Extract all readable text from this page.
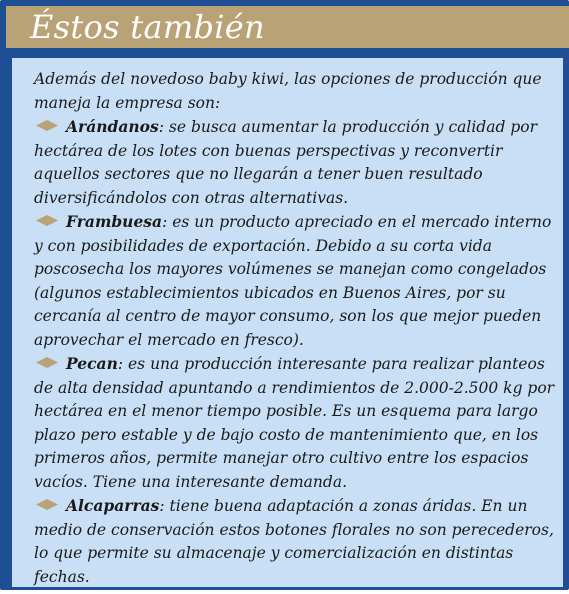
Éstos también

Además del novedoso baby kiwi, las opciones de producción que maneja la empresa son:

Arándanos: se busca aumentar la producción y calidad por hectárea de los lotes con buenas perspectivas y reconvertir aquellos sectores que no llegarán a tener buen resultado diversificándolos con otras alternativas.

Frambuesa: es un producto apreciado en el mercado interno y con posibilidades de exportación. Debido a su corta vida poscosecha los mayores volúmenes se manejan como congelados (algunos establecimientos ubicados en Buenos Aires, por su cercanía al centro de mayor consumo, son los que mejor pueden aprovechar el mercado en fresco).

Pecan: es una producción interesante para realizar planteos de alta densidad apuntando a rendimientos de 2.000-2.500 kg por hectárea en el menor tiempo posible. Es un esquema para largo plazo pero estable y de bajo costo de mantenimiento que, en los primeros años, permite manejar otro cultivo entre los espacios vacíos. Tiene una interesante demanda.

Alcaparras: tiene buena adaptación a zonas áridas. En un medio de conservación estos botones florales no son perecederos, lo que permite su almacenaje y comercialización en distintas fechas.
